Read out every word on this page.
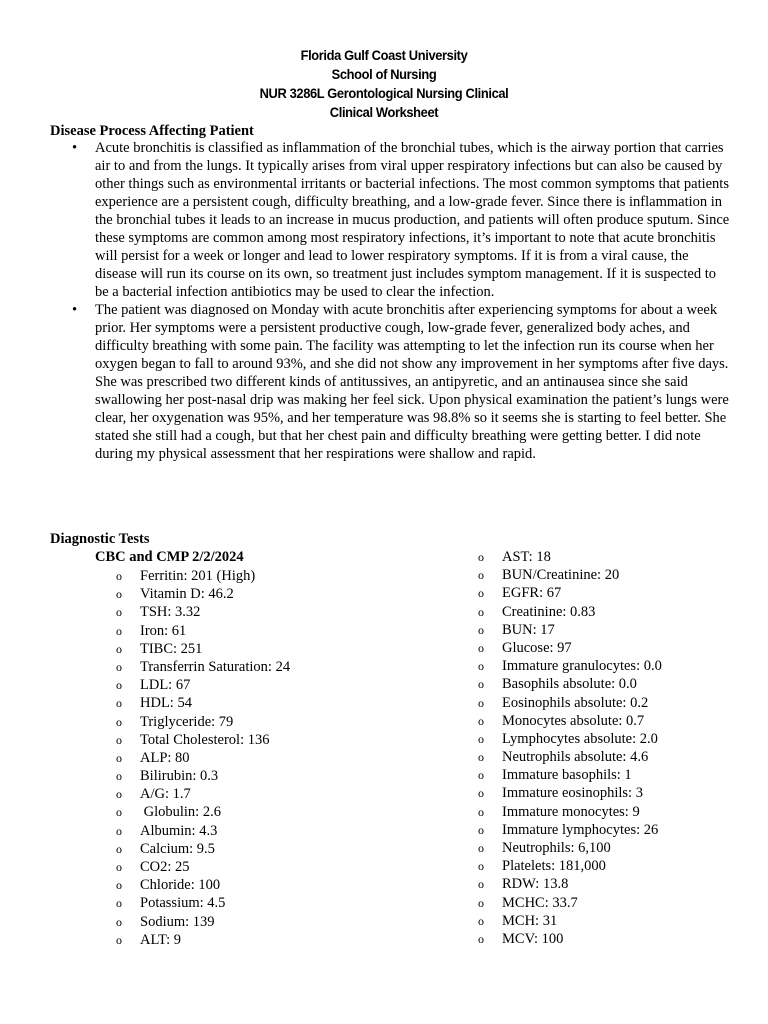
Florida Gulf Coast University
School of Nursing
NUR 3286L Gerontological Nursing Clinical
Clinical Worksheet
Disease Process Affecting Patient
• Acute bronchitis is classified as inflammation of the bronchial tubes, which is the airway portion that carries air to and from the lungs. It typically arises from viral upper respiratory infections but can also be caused by other things such as environmental irritants or bacterial infections. The most common symptoms that patients experience are a persistent cough, difficulty breathing, and a low-grade fever. Since there is inflammation in the bronchial tubes it leads to an increase in mucus production, and patients will often produce sputum. Since these symptoms are common among most respiratory infections, it’s important to note that acute bronchitis will persist for a week or longer and lead to lower respiratory symptoms. If it is from a viral cause, the disease will run its course on its own, so treatment just includes symptom management. If it is suspected to be a bacterial infection antibiotics may be used to clear the infection.
• The patient was diagnosed on Monday with acute bronchitis after experiencing symptoms for about a week prior. Her symptoms were a persistent productive cough, low-grade fever, generalized body aches, and difficulty breathing with some pain. The facility was attempting to let the infection run its course when her oxygen began to fall to around 93%, and she did not show any improvement in her symptoms after five days. She was prescribed two different kinds of antitussives, an antipyretic, and an antinausea since she said swallowing her post-nasal drip was making her feel sick. Upon physical examination the patient’s lungs were clear, her oxygenation was 95%, and her temperature was 98.8% so it seems she is starting to feel better. She stated she still had a cough, but that her chest pain and difficulty breathing were getting better. I did note during my physical assessment that her respirations were shallow and rapid.
Diagnostic Tests
CBC and CMP 2/2/2024
o Ferritin: 201 (High)
o Vitamin D: 46.2
o TSH: 3.32
o Iron: 61
o TIBC: 251
o Transferrin Saturation: 24
o LDL: 67
o HDL: 54
o Triglyceride: 79
o Total Cholesterol: 136
o ALP: 80
o Bilirubin: 0.3
o A/G: 1.7
o Globulin: 2.6
o Albumin: 4.3
o Calcium: 9.5
o CO2: 25
o Chloride: 100
o Potassium: 4.5
o Sodium: 139
o ALT: 9
o AST: 18
o BUN/Creatinine: 20
o EGFR: 67
o Creatinine: 0.83
o BUN: 17
o Glucose: 97
o Immature granulocytes: 0.0
o Basophils absolute: 0.0
o Eosinophils absolute: 0.2
o Monocytes absolute: 0.7
o Lymphocytes absolute: 2.0
o Neutrophils absolute: 4.6
o Immature basophils: 1
o Immature eosinophils: 3
o Immature monocytes: 9
o Immature lymphocytes: 26
o Neutrophils: 6,100
o Platelets: 181,000
o RDW: 13.8
o MCHC: 33.7
o MCH: 31
o MCV: 100
